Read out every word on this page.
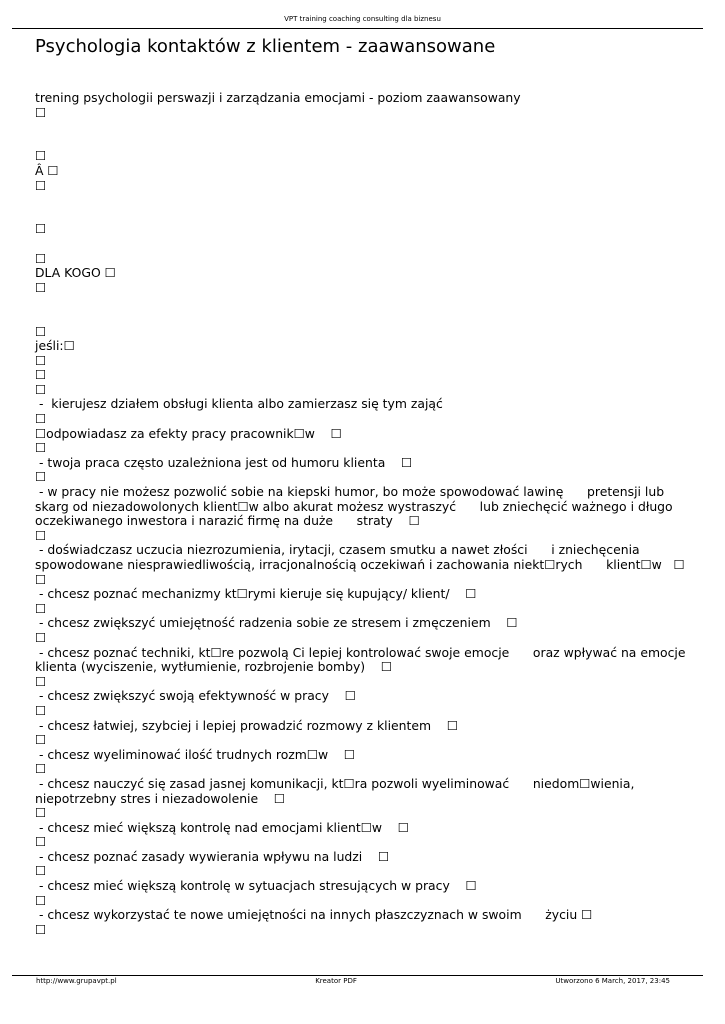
VPT training coaching consulting dla biznesu
Psychologia kontaktów z klientem - zaawansowane
trening psychologii perswazji i zarządzania emocjami - poziom zaawansowany
☐
☐
Â ☐
☐
☐
☐
DLA KOGO ☐
☐
☐
jeśli:☐
☐
☐
☐
-  kierujesz działem obsługi klienta albo zamierzasz się tym zająć
☐
☐odpowiadasz za efekty pracy pracownik☐w    ☐
☐
- twoja praca często uzależniona jest od humoru klienta    ☐
☐
- w pracy nie możesz pozwolić sobie na kiepski humor, bo może spowodować lawinę      pretensji lub skarg od niezadowolonych klient☐w albo akurat możesz wystraszyć      lub zniechęcić ważnego i długo oczekiwanego inwestora i narazić firmę na duże      straty    ☐
☐
- doświadczasz uczucia niezrozumienia, irytacji, czasem smutku a nawet złości      i zniechęcenia spowodowane niesprawiedliwością, irracjonalnością oczekiwań i zachowania niekt☐rych      klient☐w   ☐
☐
- chcesz poznać mechanizmy kt☐rymi kieruje się kupujący/ klient/    ☐
☐
- chcesz zwiększyć umiejętność radzenia sobie ze stresem i zmęczeniem    ☐
☐
- chcesz poznać techniki, kt☐re pozwolą Ci lepiej kontrolować swoje emocje      oraz wpływać na emocje klienta (wyciszenie, wytłumienie, rozbrojenie bomby)    ☐
☐
- chcesz zwiększyć swoją efektywność w pracy    ☐
☐
- chcesz łatwiej, szybciej i lepiej prowadzić rozmowy z klientem    ☐
☐
- chcesz wyeliminować ilość trudnych rozm☐w    ☐
☐
- chcesz nauczyć się zasad jasnej komunikacji, kt☐ra pozwoli wyeliminować      niedom☐wienia, niepotrzebny stres i niezadowolenie    ☐
☐
- chcesz mieć większą kontrolę nad emocjami klient☐w    ☐
☐
- chcesz poznać zasady wywierania wpływu na ludzi    ☐
☐
- chcesz mieć większą kontrolę w sytuacjach stresujących w pracy    ☐
☐
- chcesz wykorzystać te nowe umiejętności na innych płaszczyznach w swoim      życiu ☐
☐
http://www.grupavpt.pl	Kreator PDF	Utworzono 6 March, 2017, 23:45
